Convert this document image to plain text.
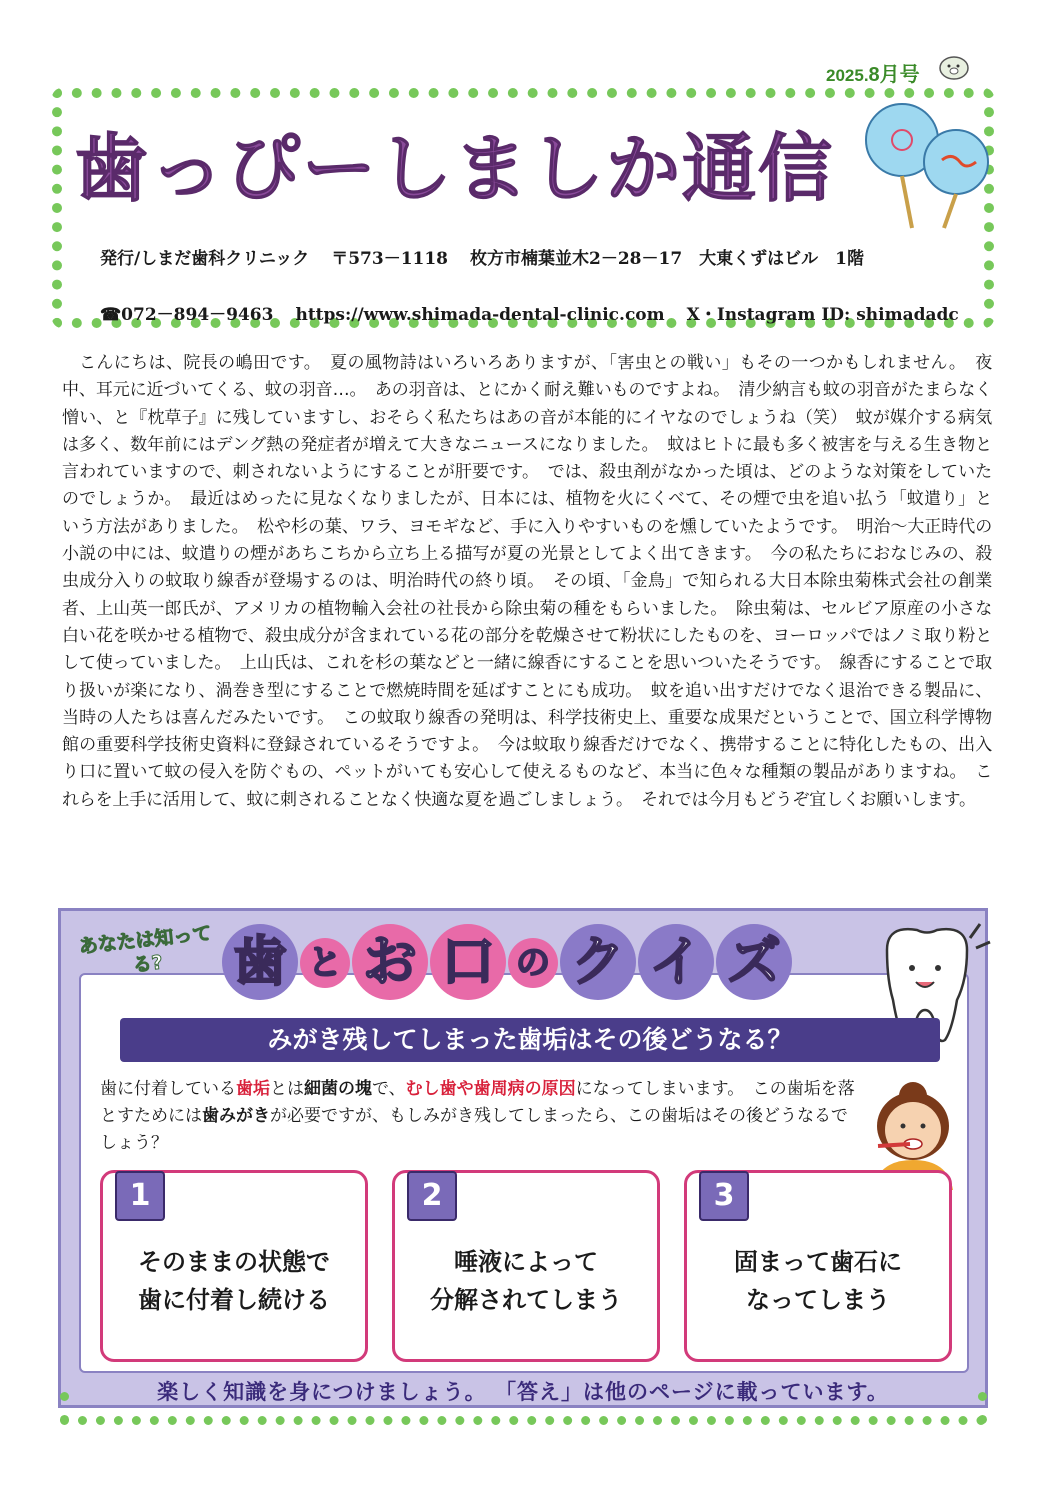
2025.8月号
歯っぴーしましか通信
発行/しまだ歯科クリニック 〒573－1118 枚方市楠葉並木2－28－17　大東くずはビル　1階
☎072－894－9463 https://www.shimada-dental-clinic.com X・Instagram ID: shimadadc

こんにちは、院長の嶋田です。　夏の風物詩はいろいろありますが、「害虫との戦い」もその一つかもしれません。　夜中、耳元に近づいてくる、蚊の羽音…。　あの羽音は、とにかく耐え難いものですよね。　清少納言も蚊の羽音がたまらなく憎い、と『枕草子』に残していますし、おそらく私たちはあの音が本能的にイヤなのでしょうね（笑）　蚊が媒介する病気は多く、数年前にはデング熱の発症者が増えて大きなニュースになりました。　蚊はヒトに最も多く被害を与える生き物と言われていますので、刺されないようにすることが肝要です。　では、殺虫剤がなかった頃は、どのような対策をしていたのでしょうか。　最近はめったに見なくなりましたが、日本には、植物を火にくべて、その煙で虫を追い払う「蚊遣り」という方法がありました。　松や杉の葉、ワラ、ヨモギなど、手に入りやすいものを燻していたようです。　明治～大正時代の小説の中には、蚊遣りの煙があちこちから立ち上る描写が夏の光景としてよく出てきます。　今の私たちにおなじみの、殺虫成分入りの蚊取り線香が登場するのは、明治時代の終り頃。　その頃、「金鳥」で知られる大日本除虫菊株式会社の創業者、上山英一郎氏が、アメリカの植物輸入会社の社長から除虫菊の種をもらいました。　除虫菊は、セルビア原産の小さな白い花を咲かせる植物で、殺虫成分が含まれている花の部分を乾燥させて粉状にしたものを、ヨーロッパではノミ取り粉として使っていました。　上山氏は、これを杉の葉などと一緒に線香にすることを思いついたそうです。　線香にすることで取り扱いが楽になり、渦巻き型にすることで燃焼時間を延ばすことにも成功。　蚊を追い出すだけでなく退治できる製品に、当時の人たちは喜んだみたいです。　この蚊取り線香の発明は、科学技術史上、重要な成果だということで、国立科学博物館の重要科学技術史資料に登録されているそうですよ。　今は蚊取り線香だけでなく、携帯することに特化したもの、出入り口に置いて蚊の侵入を防ぐもの、ペットがいても安心して使えるものなど、本当に色々な種類の製品がありますね。　これらを上手に活用して、蚊に刺されることなく快適な夏を過ごしましょう。　それでは今月もどうぞ宜しくお願いします。

あなたは知ってる?	歯 と お 口 の ク イ ズ
みがき残してしまった歯垢はその後どうなる？
歯に付着している歯垢とは細菌の塊で、むし歯や歯周病の原因になってしまいます。　この歯垢を落とすためには歯みがきが必要ですが、もしみがき残してしまったら、この歯垢はその後どうなるでしょう？
1
そのままの状態で
歯に付着し続ける
2
唾液によって
分解されてしまう
3
固まって歯石に
なってしまう
楽しく知識を身につけましょう。 「答え」は他のページに載っています。
